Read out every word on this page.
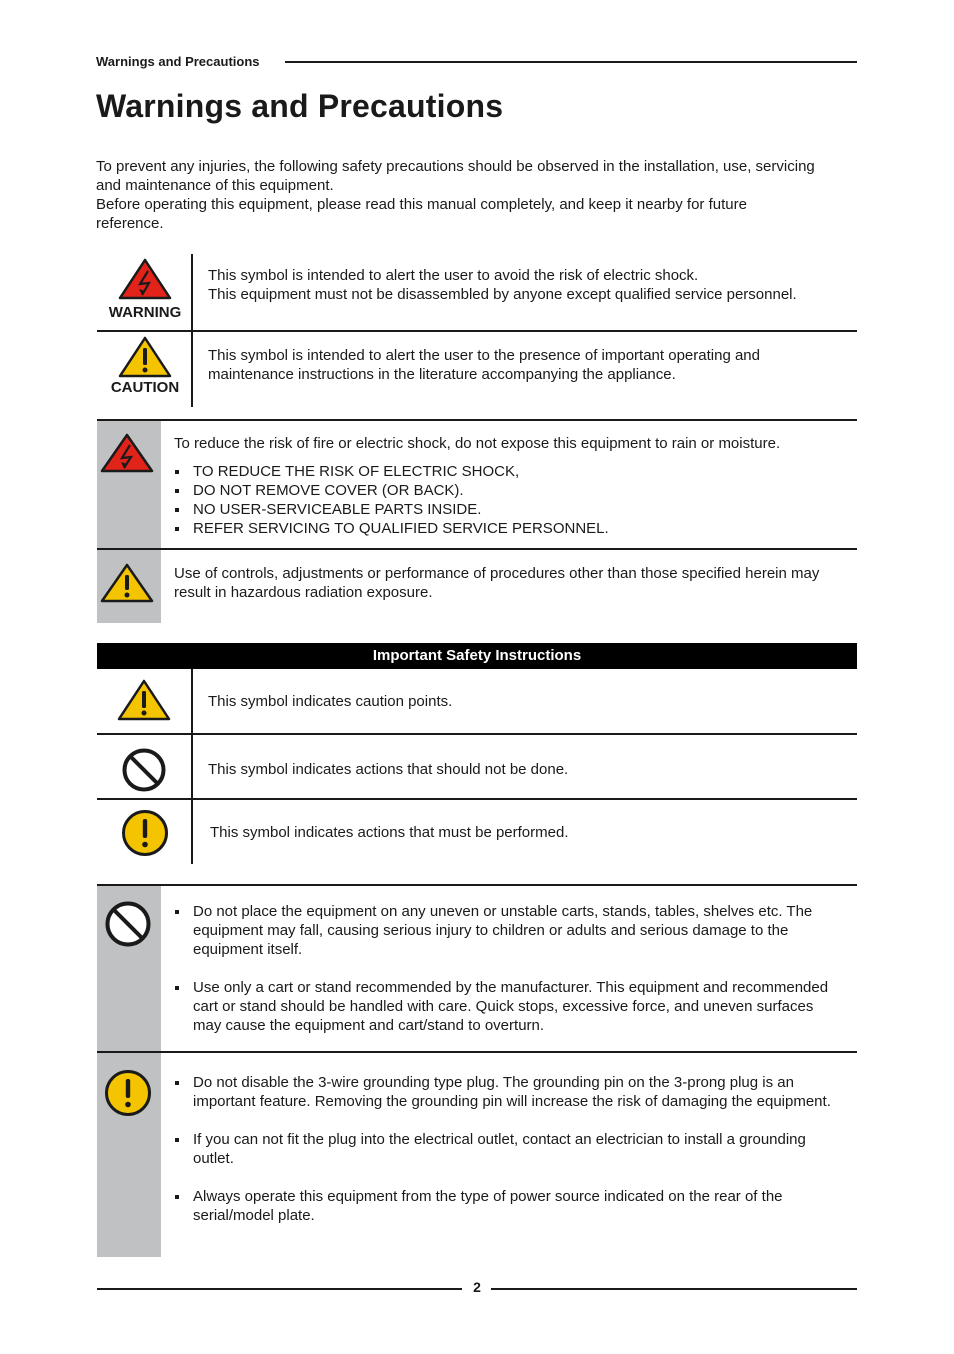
Warnings and Precautions
Warnings and Precautions

To prevent any injuries, the following safety precautions should be observed in the installation, use, servicing and maintenance of this equipment.

Before operating this equipment, please read this manual completely, and keep it nearby for future reference.

WARNING
This symbol is intended to alert the user to avoid the risk of electric shock.
This equipment must not be disassembled by anyone except qualified service personnel.
CAUTION
This symbol is intended to alert the user to the presence of important operating and maintenance instructions in the literature accompanying the appliance.
To reduce the risk of fire or electric shock, do not expose this equipment to rain or moisture.
TO REDUCE THE RISK OF ELECTRIC SHOCK,
DO NOT REMOVE COVER (OR BACK).
NO USER-SERVICEABLE PARTS INSIDE.
REFER SERVICING TO QUALIFIED SERVICE PERSONNEL.
Use of controls, adjustments or performance of procedures other than those specified herein may result in hazardous radiation exposure.
Important Safety Instructions
This symbol indicates caution points.
This symbol indicates actions that should not be done.
This symbol indicates actions that must be performed.
Do not place the equipment on any uneven or unstable carts, stands, tables, shelves etc. The equipment may fall, causing serious injury to children or adults and serious damage to the equipment itself.
Use only a cart or stand recommended by the manufacturer. This equipment and recommended cart or stand should be handled with care. Quick stops, excessive force, and uneven surfaces may cause the equipment and cart/stand to overturn.
Do not disable the 3-wire grounding type plug. The grounding pin on the 3-prong plug is an important feature. Removing the grounding pin will increase the risk of damaging the equipment.
If you can not fit the plug into the electrical outlet, contact an electrician to install a grounding outlet.
Always operate this equipment from the type of power source indicated on the rear of the serial/model plate.
2
